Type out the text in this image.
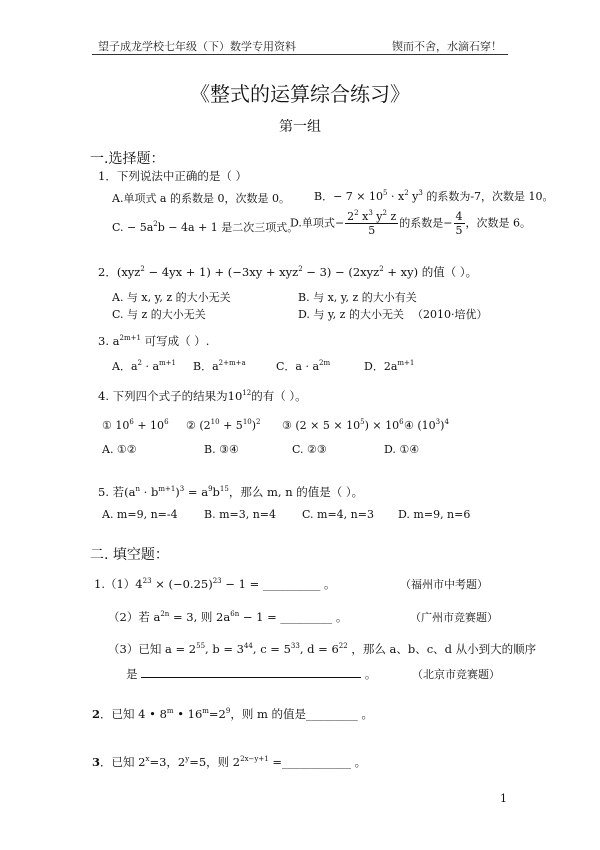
望子成龙学校七年级（下）数学专用资料	锲而不舍，水滴石穿！
《整式的运算综合练习》
第一组
一.选择题：
1．下列说法中正确的是（ ）
A.单项式 a 的系数是 0，次数是 0。 B．− $7 \times 10^5 \cdot x^2$ $y^3$ 的系数为-7，次数是 10。
C. − $5a^2b - 4a + 1$ 是二次三项式。
D.单项式− $\frac{2^2 x^3 y^2 z}{5}$ 的系数是− $\frac{4}{5}$ ，次数是 6。
2．(xyz$^2$ − 4yx + 1) + (−3xy + xyz$^2$ − 3) − (2xyz$^2$ + xy) 的值（ ）。
A. 与 x, y, z 的大小无关	B. 与 x, y, z 的大小有关
C. 与 z 的大小无关	D. 与 y, z 的大小无关 （2010·培优）
3. $a^{2m+1}$ 可写成（ ）.
A．$a^2 \cdot a^{m+1}$ B．$a^{2+m+a}$	C．$a \cdot a^{2m}$	D．$2a^{m+1}$
4. 下列四个式子的结果为$10^{12}$的有（ ）。
① $10^6 + 10^6$ ② $(2^{10} + 5^{10})^2$ ③ $(2 \times 5 \times 10^5) \times 10^6$ ④ $(10^3)^4$
A. ①②	B. ③④	C. ②③	D. ①④
5. 若$(a^n \cdot b^{m+1})^3 = a^9b^{15}$，那么 m, n 的值是（ ）。
A. m=9, n=-4 B. m=3, n=4 C. m=4, n=3 D. m=9, n=6
二. 填空题：
$1.(1)4^{23} \times (-0.25)^{23} - 1$ = __________ 。	（福州市中考题）
（2）若 $a^{2n} = 3$, 则 $2a^{6n} - 1$ = _________ 。	（广州市竞赛题）
（3）已知 $a = 2^{55}$, $b = 3^{44}$, $c = 5^{33}$, $d = 6^{22}$ ，那么 a、b、c、d 从小到大的顺序
是	。	（北京市竞赛题）
2．已知 4 • 8$^m$ • $16^m=2^9$，则 m 的值是_________ 。
3．已知 $2^x=3$，$2^y=5$，则 $2^{2x-y+1}$ =____________ 。
1
